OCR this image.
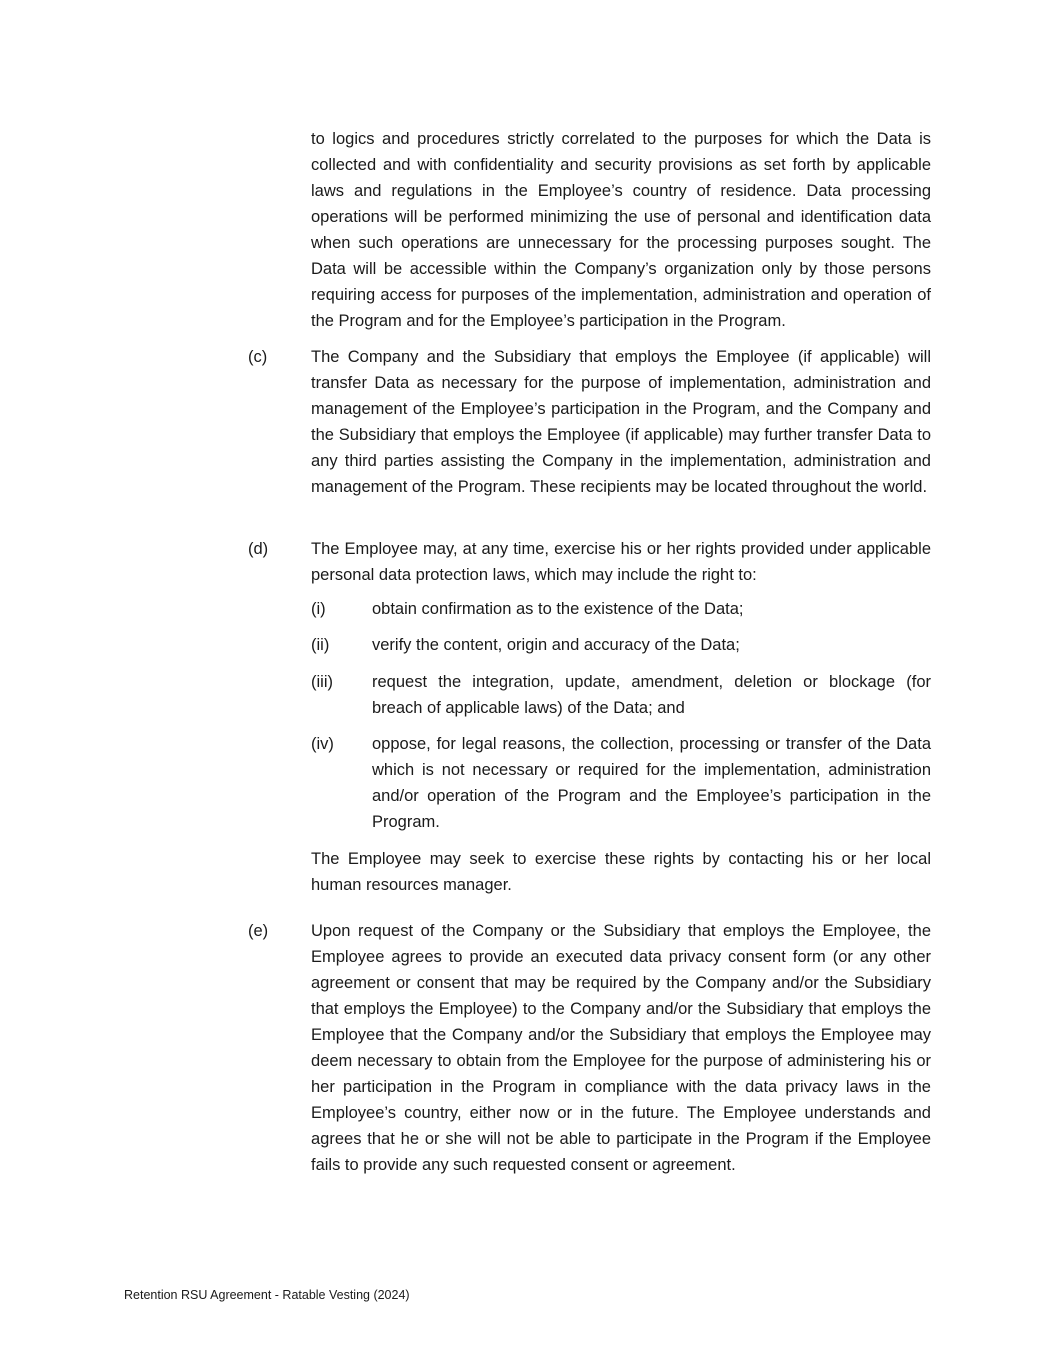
to logics and procedures strictly correlated to the purposes for which the Data is collected and with confidentiality and security provisions as set forth by applicable laws and regulations in the Employee’s country of residence. Data processing operations will be performed minimizing the use of personal and identification data when such operations are unnecessary for the processing purposes sought. The Data will be accessible within the Company’s organization only by those persons requiring access for purposes of the implementation, administration and operation of the Program and for the Employee’s participation in the Program.

(c)	The Company and the Subsidiary that employs the Employee (if applicable) will transfer Data as necessary for the purpose of implementation, administration and management of the Employee’s participation in the Program, and the Company and the Subsidiary that employs the Employee (if applicable) may further transfer Data to any third parties assisting the Company in the implementation, administration and management of the Program. These recipients may be located throughout the world.

(d)	The Employee may, at any time, exercise his or her rights provided under applicable personal data protection laws, which may include the right to:

(i)	obtain confirmation as to the existence of the Data;

(ii)	verify the content, origin and accuracy of the Data;

(iii) request the integration, update, amendment, deletion or blockage (for breach of applicable laws) of the Data; and

(iv) oppose, for legal reasons, the collection, processing or transfer of the Data which is not necessary or required for the implementation, administration and/or operation of the Program and the Employee’s participation in the Program.

The Employee may seek to exercise these rights by contacting his or her local human resources manager.

(e)	Upon request of the Company or the Subsidiary that employs the Employee, the Employee agrees to provide an executed data privacy consent form (or any other agreement or consent that may be required by the Company and/or the Subsidiary that employs the Employee) to the Company and/or the Subsidiary that employs the Employee that the Company and/or the Subsidiary that employs the Employee may deem necessary to obtain from the Employee for the purpose of administering his or her participation in the Program in compliance with the data privacy laws in the Employee’s country, either now or in the future. The Employee understands and agrees that he or she will not be able to participate in the Program if the Employee fails to provide any such requested consent or agreement.

Retention RSU Agreement - Ratable Vesting (2024)
